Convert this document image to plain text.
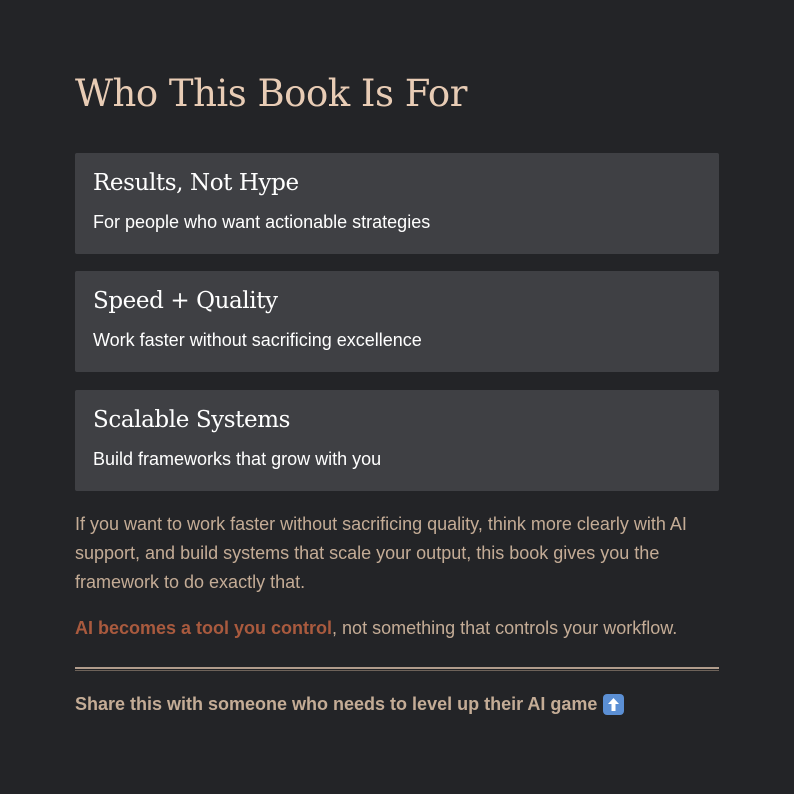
Who This Book Is For
Results, Not Hype
For people who want actionable strategies
Speed + Quality
Work faster without sacrificing excellence
Scalable Systems
Build frameworks that grow with you

If you want to work faster without sacrificing quality, think more clearly with AI support, and build systems that scale your output, this book gives you the framework to do exactly that.

AI becomes a tool you control, not something that controls your workflow.

Share this with someone who needs to level up their AI game
